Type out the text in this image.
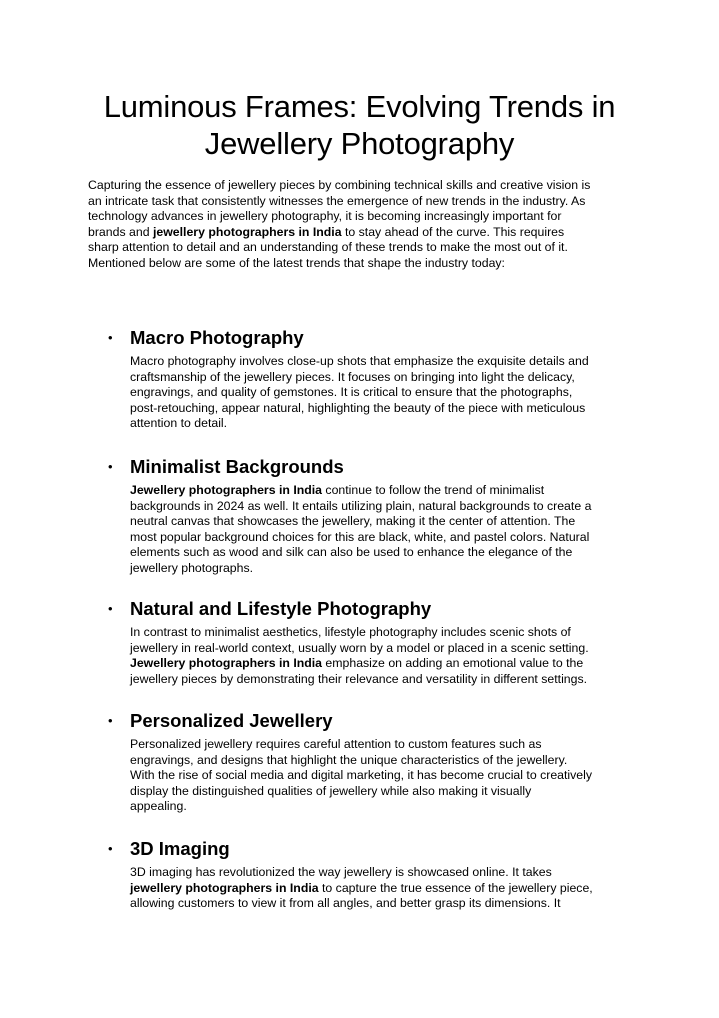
Luminous Frames: Evolving Trends in
Jewellery Photography

Capturing the essence of jewellery pieces by combining technical skills and creative vision is
an intricate task that consistently witnesses the emergence of new trends in the industry. As
technology advances in jewellery photography, it is becoming increasingly important for
brands and jewellery photographers in India to stay ahead of the curve. This requires
sharp attention to detail and an understanding of these trends to make the most out of it.
Mentioned below are some of the latest trends that shape the industry today:

• Macro Photography

Macro photography involves close-up shots that emphasize the exquisite details and
craftsmanship of the jewellery pieces. It focuses on bringing into light the delicacy,
engravings, and quality of gemstones. It is critical to ensure that the photographs,
post-retouching, appear natural, highlighting the beauty of the piece with meticulous
attention to detail.

• Minimalist Backgrounds

Jewellery photographers in India continue to follow the trend of minimalist
backgrounds in 2024 as well. It entails utilizing plain, natural backgrounds to create a
neutral canvas that showcases the jewellery, making it the center of attention. The
most popular background choices for this are black, white, and pastel colors. Natural
elements such as wood and silk can also be used to enhance the elegance of the
jewellery photographs.

• Natural and Lifestyle Photography

In contrast to minimalist aesthetics, lifestyle photography includes scenic shots of
jewellery in real-world context, usually worn by a model or placed in a scenic setting.
Jewellery photographers in India emphasize on adding an emotional value to the
jewellery pieces by demonstrating their relevance and versatility in different settings.

• Personalized Jewellery

Personalized jewellery requires careful attention to custom features such as
engravings, and designs that highlight the unique characteristics of the jewellery.
With the rise of social media and digital marketing, it has become crucial to creatively
display the distinguished qualities of jewellery while also making it visually
appealing.

• 3D Imaging

3D imaging has revolutionized the way jewellery is showcased online. It takes
jewellery photographers in India to capture the true essence of the jewellery piece,
allowing customers to view it from all angles, and better grasp its dimensions. It
